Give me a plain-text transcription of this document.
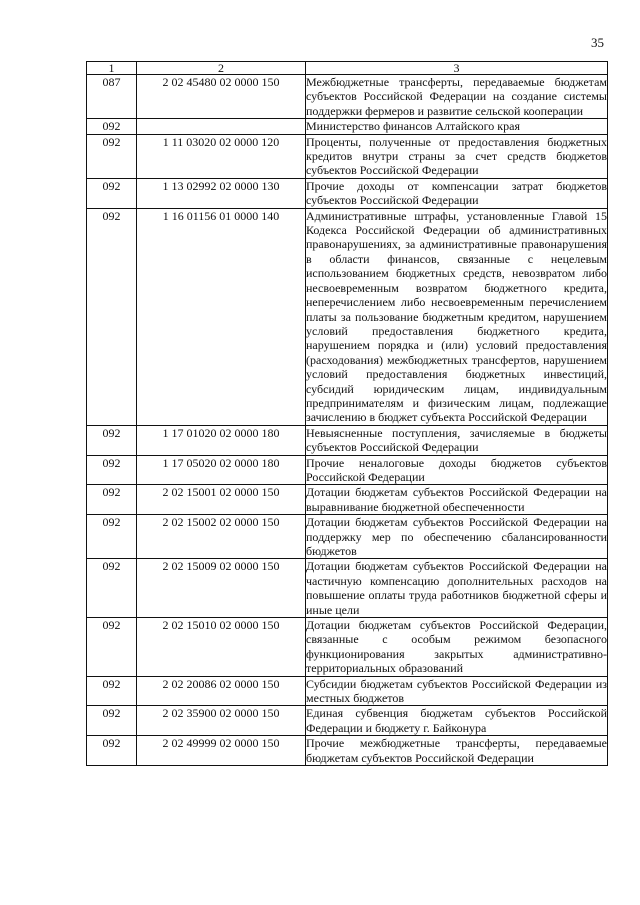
35
1	2	3
087	2 02 45480 02 0000 150	Межбюджетные трансферты, передаваемые бюджетам субъектов Российской Федерации на создание системы поддержки фермеров и развитие сельской кооперации
092		Министерство финансов Алтайского края
092	1 11 03020 02 0000 120	Проценты, полученные от предоставления бюджетных кредитов внутри страны за счет средств бюджетов субъектов Российской Федерации
092	1 13 02992 02 0000 130	Прочие доходы от компенсации затрат бюджетов субъектов Российской Федерации
092	1 16 01156 01 0000 140	Административные штрафы, установленные Главой 15 Кодекса Российской Федерации об административных правонарушениях, за административные правонарушения в области финансов, связанные с нецелевым использованием бюджетных средств, невозвратом либо несвоевременным возвратом бюджетного кредита, неперечислением либо несвоевременным перечислением платы за пользование бюджетным кредитом, нарушением условий предоставления бюджетного кредита, нарушением порядка и (или) условий предоставления (расходования) межбюджетных трансфертов, нарушением условий предоставления бюджетных инвестиций, субсидий юридическим лицам, индивидуальным предпринимателям и физическим лицам, подлежащие зачислению в бюджет субъекта Российской Федерации
092	1 17 01020 02 0000 180	Невыясненные поступления, зачисляемые в бюджеты субъектов Российской Федерации
092	1 17 05020 02 0000 180	Прочие неналоговые доходы бюджетов субъектов Российской Федерации
092	2 02 15001 02 0000 150	Дотации бюджетам субъектов Российской Федерации на выравнивание бюджетной обеспеченности
092	2 02 15002 02 0000 150	Дотации бюджетам субъектов Российской Федерации на поддержку мер по обеспечению сбалансированности бюджетов
092	2 02 15009 02 0000 150	Дотации бюджетам субъектов Российской Федерации на частичную компенсацию дополнительных расходов на повышение оплаты труда работников бюджетной сферы и иные цели
092	2 02 15010 02 0000 150	Дотации бюджетам субъектов Российской Федерации, связанные с особым режимом безопасного функционирования закрытых административно-территориальных образований
092	2 02 20086 02 0000 150	Субсидии бюджетам субъектов Российской Федерации из местных бюджетов
092	2 02 35900 02 0000 150	Единая субвенция бюджетам субъектов Российской Федерации и бюджету г. Байконура
092	2 02 49999 02 0000 150	Прочие межбюджетные трансферты, передаваемые бюджетам субъектов Российской Федерации
